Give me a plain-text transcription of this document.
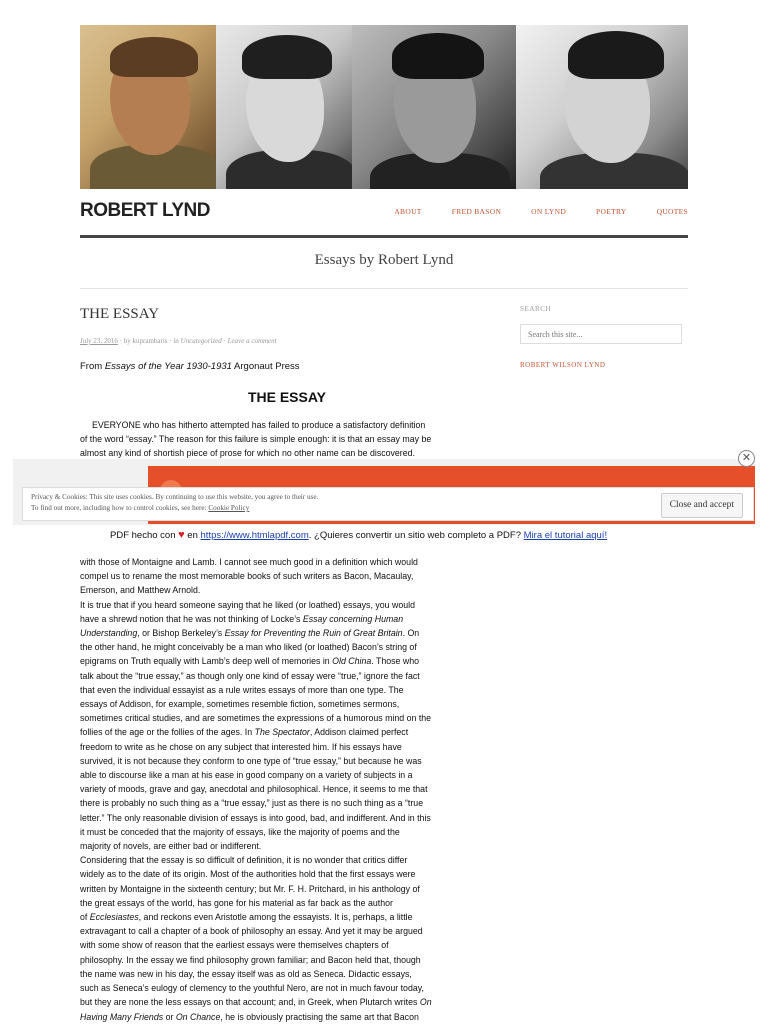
ROBERT LYND	ABOUT	FRED BASON	ON LYND	POETRY	QUOTES
Essays by Robert Lynd
THE ESSAY
July 23, 2016 · by kuprambaris · in Uncategorized · Leave a comment
From Essays of the Year 1930-1931 Argonaut Press
THE ESSAY
EVERYONE who has hitherto attempted has failed to produce a satisfactory definition
of the word “essay.” The reason for this failure is simple enough: it is that an essay may be
almost any kind of shortish piece of prose for which no other name can be discovered.
with those of Montaigne and Lamb. I cannot see much good in a definition which would
compel us to rename the most memorable books of such writers as Bacon, Macaulay,
Emerson, and Matthew Arnold.
It is true that if you heard someone saying that he liked (or loathed) essays, you would
have a shrewd notion that he was not thinking of Locke’s Essay concerning Human
Understanding, or Bishop Berkeley’s Essay for Preventing the Ruin of Great Britain. On
the other hand, he might conceivably be a man who liked (or loathed) Bacon’s string of
epigrams on Truth equally with Lamb’s deep well of memories in Old China. Those who
talk about the “true essay,” as though only one kind of essay were “true,” ignore the fact
that even the individual essayist as a rule writes essays of more than one type. The
essays of Addison, for example, sometimes resemble fiction, sometimes sermons,
sometimes critical studies, and are sometimes the expressions of a humorous mind on the
follies of the age or the follies of the ages. In The Spectator, Addison claimed perfect
freedom to write as he chose on any subject that interested him. If his essays have
survived, it is not because they conform to one type of “true essay,” but because he was
able to discourse like a man at his ease in good company on a variety of subjects in a
variety of moods, grave and gay, anecdotal and philosophical. Hence, it seems to me that
there is probably no such thing as a “true essay,” just as there is no such thing as a “true
letter.” The only reasonable division of essays is into good, bad, and indifferent. And in this
it must be conceded that the majority of essays, like the majority of poems and the
majority of novels, are either bad or indifferent.
Considering that the essay is so difficult of definition, it is no wonder that critics differ
widely as to the date of its origin. Most of the authorities hold that the first essays were
written by Montaigne in the sixteenth century; but Mr. F. H. Pritchard, in his anthology of
the great essays of the world, has gone for his material as far back as the author
of Ecclesiastes, and reckons even Aristotle among the essayists. It is, perhaps, a little
extravagant to call a chapter of a book of philosophy an essay. And yet it may be argued
with some show of reason that the earliest essays were themselves chapters of
philosophy. In the essay we find philosophy grown familiar; and Bacon held that, though
the name was new in his day, the essay itself was as old as Seneca. Didactic essays,
such as Seneca’s eulogy of clemency to the youthful Nero, are not in much favour today,
but they are none the less essays on that account; and, in Greek, when Plutarch writes On
Having Many Friends or On Chance, he is obviously practising the same art that Bacon
SEARCH
Search this site...
ROBERT WILSON LYND
✕
Privacy & Cookies: This site uses cookies. By continuing to use this website, you agree to their use.
To find out more, including how to control cookies, see here: Cookie Policy	Close and accept
PDF hecho con ♥ en https://www.htmlapdf.com. ¿Quieres convertir un sitio web completo a PDF? Mira el tutorial aquí!
